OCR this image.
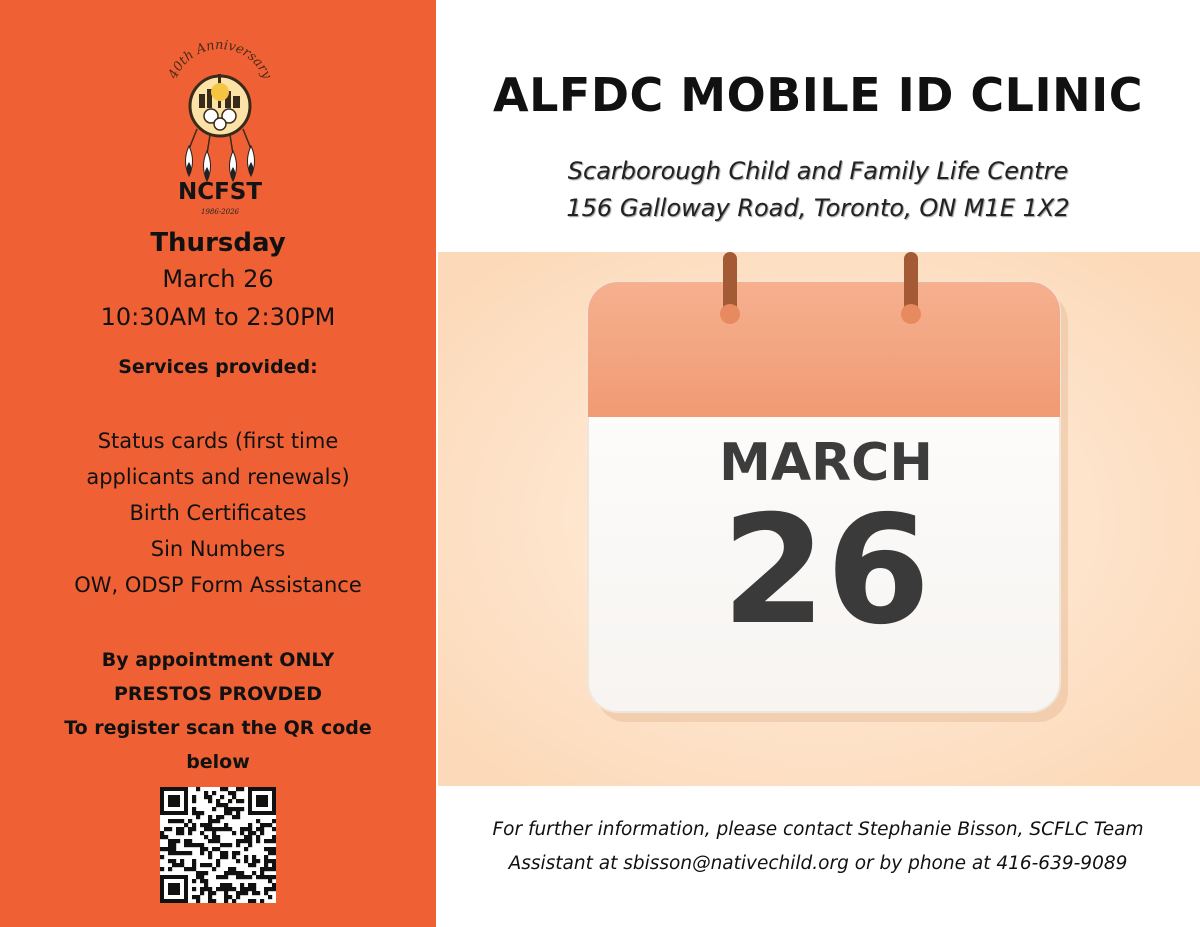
40th Anniversary
NCFST
1986-2026
Thursday
March 26
10:30AM to 2:30PM
Services provided:
Status cards (first time
applicants and renewals)
Birth Certificates
Sin Numbers
OW, ODSP Form Assistance
By appointment ONLY
PRESTOS PROVDED
To register scan the QR code
below
ALFDC MOBILE ID CLINIC
Scarborough Child and Family Life Centre
156 Galloway Road, Toronto, ON M1E 1X2
MARCH
26
For further information, please contact Stephanie Bisson, SCFLC Team
Assistant at sbisson@nativechild.org or by phone at 416-639-9089
